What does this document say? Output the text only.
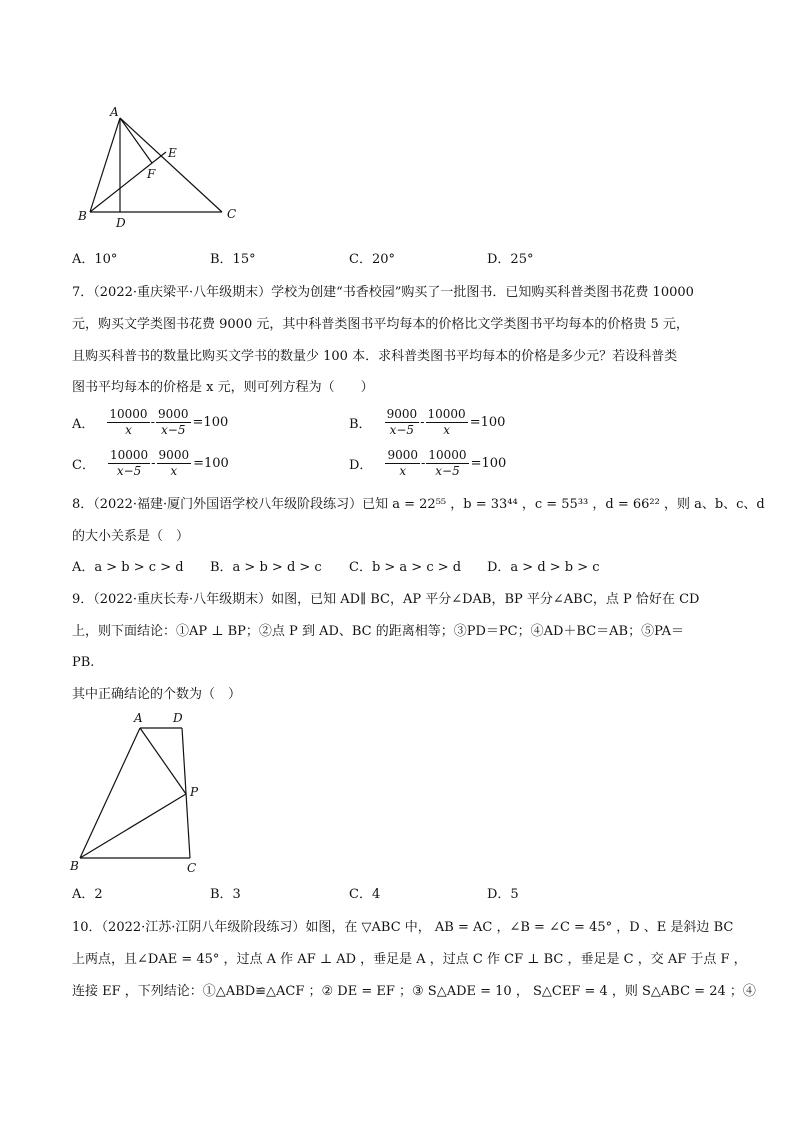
A
E
F
B D
C
A．10°	B．15°	C．20°	D．25°
7．（2022·重庆梁平·八年级期末）学校为创建“书香校园”购买了一批图书．已知购买科普类图书花费 10000
元，购买文学类图书花费 9000 元，其中科普类图书平均每本的价格比文学类图书平均每本的价格贵 5 元，
且购买科普书的数量比购买文学书的数量少 100 本．求科普类图书平均每本的价格是多少元？若设科普类
图书平均每本的价格是 x 元，则可列方程为（　　）
A． $\frac{10000}{x} - \frac{9000}{x-5} =100$	B． $\frac{9000}{x-5} - \frac{10000}{x} =100$
C． $\frac{10000}{x-5} - \frac{9000}{x} =100$	D． $\frac{9000}{x} - \frac{10000}{x-5} =100$
8．（2022·福建·厦门外国语学校八年级阶段练习）已知 a = 22⁵⁵ ，b = 33⁴⁴ ，c = 55³³ ，d = 66²² ，则 a、b、c、d
的大小关系是（　）
A．a > b > c > d B．a > b > d > c C．b > a > c > d D．a > d > b > c
9．（2022·重庆长寿·八年级期末）如图，已知 AD∥ BC，AP 平分∠DAB，BP 平分∠ABC，点 P 恰好在 CD
上，则下面结论：①AP ⊥ BP；②点 P 到 AD、BC 的距离相等；③PD＝PC；④AD＋BC＝AB；⑤PA＝
PB.
其中正确结论的个数为（　）
A	D
P
B	C
A．2	B．3	C．4	D．5
10．（2022·江苏·江阴八年级阶段练习）如图，在 ▽ABC 中， AB = AC ，∠B = ∠C = 45° ，D 、E 是斜边 BC
上两点，且∠DAE = 45° ，过点 A 作 AF ⊥ AD ，垂足是 A ，过点 C 作 CF ⊥ BC ，垂足是 C ，交 AF 于点 F ，
连接 EF ，下列结论：①△ABD≌△ACF ；② DE = EF ；③ S△ADE = 10 ， S△CEF = 4 ，则 S△ABC = 24 ；④
